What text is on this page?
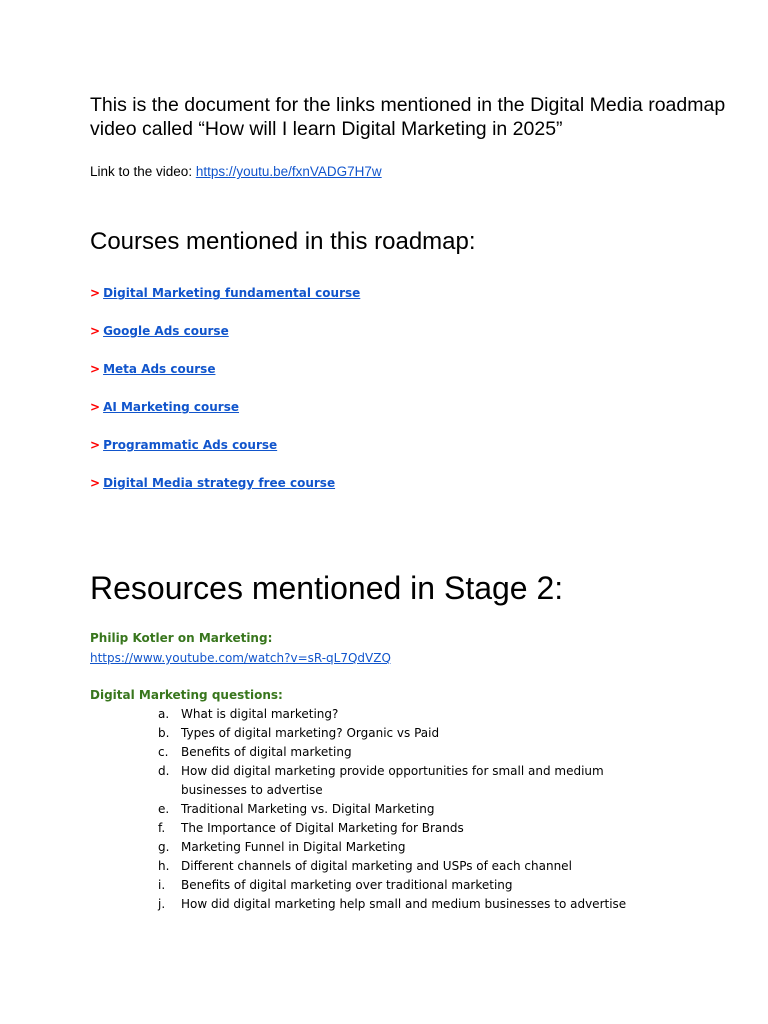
This is the document for the links mentioned in the Digital Media roadmap video called “How will I learn Digital Marketing in 2025”

Link to the video: https://youtu.be/fxnVADG7H7w
Courses mentioned in this roadmap:
> Digital Marketing fundamental course
> Google Ads course
> Meta Ads course
> AI Marketing course
> Programmatic Ads course
> Digital Media strategy free course
Resources mentioned in Stage 2:
Philip Kotler on Marketing:
https://www.youtube.com/watch?v=sR-qL7QdVZQ
Digital Marketing questions:
a. What is digital marketing?
b. Types of digital marketing? Organic vs Paid
c.	Benefits of digital marketing
d. How did digital marketing provide opportunities for small and medium businesses to advertise
e. Traditional Marketing vs. Digital Marketing
f.	The Importance of Digital Marketing for Brands
g. Marketing Funnel in Digital Marketing
h. Different channels of digital marketing and USPs of each channel
i.	Benefits of digital marketing over traditional marketing
j.	How did digital marketing help small and medium businesses to advertise
